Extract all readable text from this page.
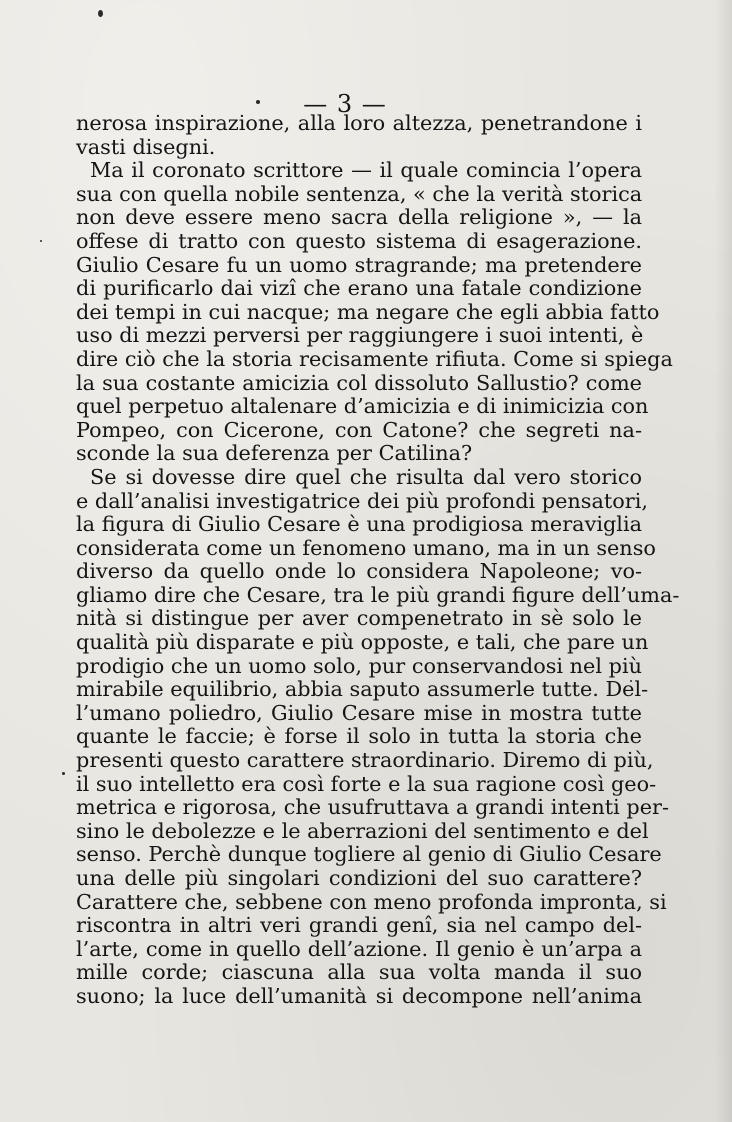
— 3 —
nerosa inspirazione, alla loro altezza, penetrandone i
vasti disegni.
Ma il coronato scrittore — il quale comincia l’opera
sua con quella nobile sentenza, « che la verità storica
non deve essere meno sacra della religione », — la
offese di tratto con questo sistema di esagerazione.
Giulio Cesare fu un uomo stragrande; ma pretendere
di purificarlo dai vizî che erano una fatale condizione
dei tempi in cui nacque; ma negare che egli abbia fatto
uso di mezzi perversi per raggiungere i suoi intenti, è
dire ciò che la storia recisamente rifiuta. Come si spiega
la sua costante amicizia col dissoluto Sallustio? come
quel perpetuo altalenare d’amicizia e di inimicizia con
Pompeo, con Cicerone, con Catone? che segreti na-
sconde la sua deferenza per Catilina?
Se si dovesse dire quel che risulta dal vero storico
e dall’analisi investigatrice dei più profondi pensatori,
la figura di Giulio Cesare è una prodigiosa meraviglia
considerata come un fenomeno umano, ma in un senso
diverso da quello onde lo considera Napoleone; vo-
gliamo dire che Cesare, tra le più grandi figure dell’uma-
nità si distingue per aver compenetrato in sè solo le
qualità più disparate e più opposte, e tali, che pare un
prodigio che un uomo solo, pur conservandosi nel più
mirabile equilibrio, abbia saputo assumerle tutte. Del-
l’umano poliedro, Giulio Cesare mise in mostra tutte
quante le faccie; è forse il solo in tutta la storia che
presenti questo carattere straordinario. Diremo di più,
il suo intelletto era così forte e la sua ragione così geo-
metrica e rigorosa, che usufruttava a grandi intenti per-
sino le debolezze e le aberrazioni del sentimento e del
senso. Perchè dunque togliere al genio di Giulio Cesare
una delle più singolari condizioni del suo carattere?
Carattere che, sebbene con meno profonda impronta, si
riscontra in altri veri grandi genî, sia nel campo del-
l’arte, come in quello dell’azione. Il genio è un’arpa a
mille corde; ciascuna alla sua volta manda il suo
suono; la luce dell’umanità si decompone nell’anima
